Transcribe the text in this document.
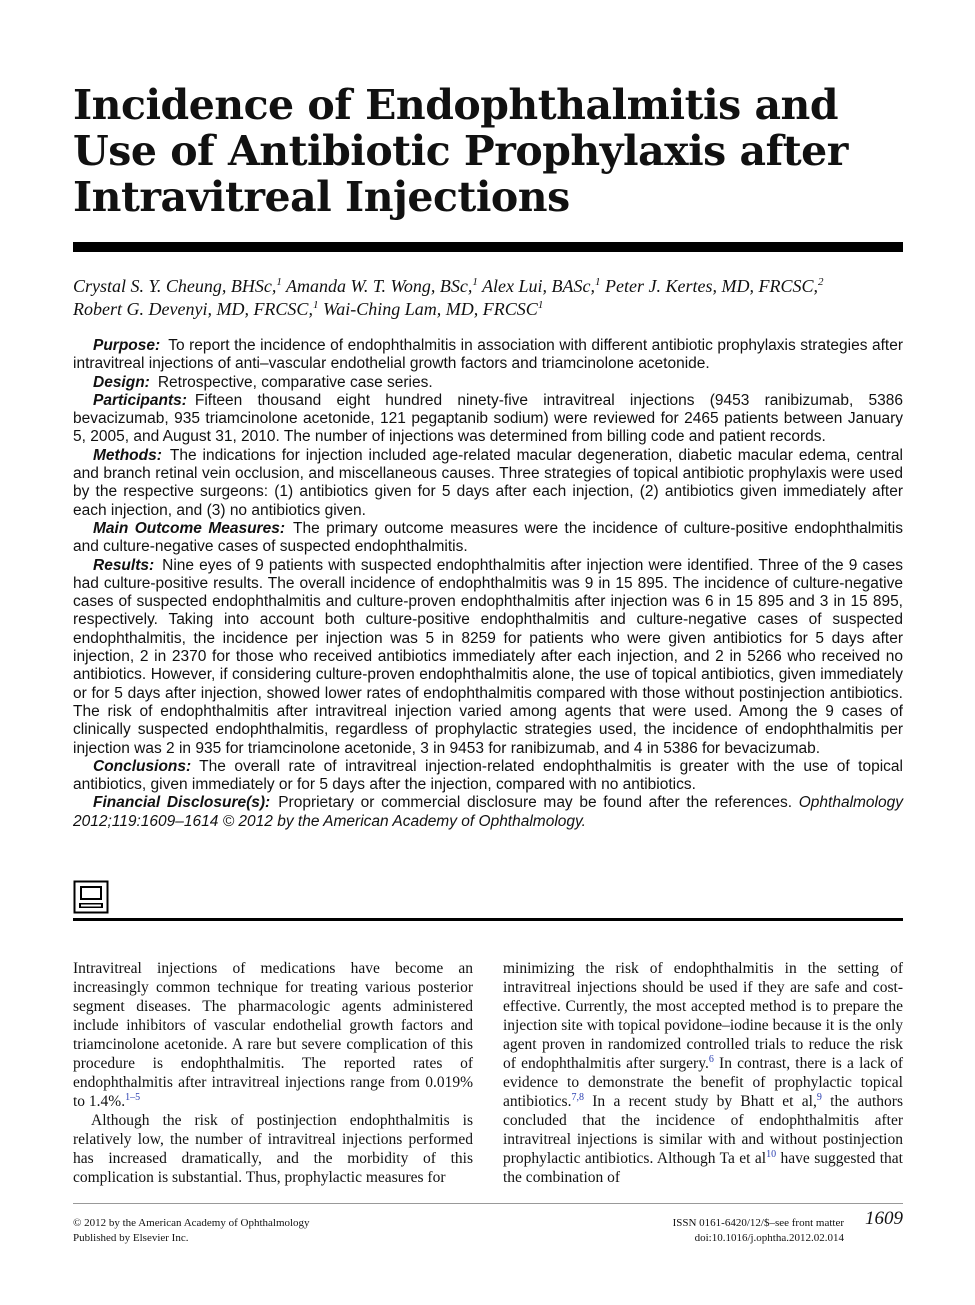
Incidence of Endophthalmitis and Use of Antibiotic Prophylaxis after Intravitreal Injections
Crystal S. Y. Cheung, BHSc,$^1$ Amanda W. T. Wong, BSc,$^1$ Alex Lui, BASc,$^1$ Peter J. Kertes, MD, FRCSC,$^2$
Robert G. Devenyi, MD, FRCSC,$^1$ Wai-Ching Lam, MD, FRCSC$^1$

Purpose: To report the incidence of endophthalmitis in association with different antibiotic prophylaxis strategies after intravitreal injections of anti–vascular endothelial growth factors and triamcinolone acetonide.

Design: Retrospective, comparative case series.

Participants: Fifteen thousand eight hundred ninety-five intravitreal injections (9453 ranibizumab, 5386 bevacizumab, 935 triamcinolone acetonide, 121 pegaptanib sodium) were reviewed for 2465 patients between January 5, 2005, and August 31, 2010. The number of injections was determined from billing code and patient records.

Methods: The indications for injection included age-related macular degeneration, diabetic macular edema, central and branch retinal vein occlusion, and miscellaneous causes. Three strategies of topical antibiotic prophylaxis were used by the respective surgeons: (1) antibiotics given for 5 days after each injection, (2) antibiotics given immediately after each injection, and (3) no antibiotics given.

Main Outcome Measures: The primary outcome measures were the incidence of culture-positive endophthalmitis and culture-negative cases of suspected endophthalmitis.

Results: Nine eyes of 9 patients with suspected endophthalmitis after injection were identified. Three of the 9 cases had culture-positive results. The overall incidence of endophthalmitis was 9 in 15 895. The incidence of culture-negative cases of suspected endophthalmitis and culture-proven endophthalmitis after injection was 6 in 15 895 and 3 in 15 895, respectively. Taking into account both culture-positive endophthalmitis and culture-negative cases of suspected endophthalmitis, the incidence per injection was 5 in 8259 for patients who were given antibiotics for 5 days after injection, 2 in 2370 for those who received antibiotics immediately after each injection, and 2 in 5266 who received no antibiotics. However, if considering culture-proven endophthalmitis alone, the use of topical antibiotics, given immediately or for 5 days after injection, showed lower rates of endophthalmitis compared with those without postinjection antibiotics. The risk of endophthalmitis after intravitreal injection varied among agents that were used. Among the 9 cases of clinically suspected endophthalmitis, regardless of prophylactic strategies used, the incidence of endophthalmitis per injection was 2 in 935 for triamcinolone acetonide, 3 in 9453 for ranibizumab, and 4 in 5386 for bevacizumab.

Conclusions: The overall rate of intravitreal injection-related endophthalmitis is greater with the use of topical antibiotics, given immediately or for 5 days after the injection, compared with no antibiotics.

Financial Disclosure(s): Proprietary or commercial disclosure may be found after the references. Ophthalmology 2012;119:1609–1614 © 2012 by the American Academy of Ophthalmology.

Intravitreal injections of medications have become an increasingly common technique for treating various posterior segment diseases. The pharmacologic agents administered include inhibitors of vascular endothelial growth factors and triamcinolone acetonide. A rare but severe complication of this procedure is endophthalmitis. The reported rates of endophthalmitis after intravitreal injections range from 0.019% to 1.4%.$^{1-5}$

Although the risk of postinjection endophthalmitis is relatively low, the number of intravitreal injections performed has increased dramatically, and the morbidity of this complication is substantial. Thus, prophylactic measures for

minimizing the risk of endophthalmitis in the setting of intravitreal injections should be used if they are safe and cost-effective. Currently, the most accepted method is to prepare the injection site with topical povidone–iodine because it is the only agent proven in randomized controlled trials to reduce the risk of endophthalmitis after surgery.$^6$ In contrast, there is a lack of evidence to demonstrate the benefit of prophylactic topical antibiotics.$^{7,8}$ In a recent study by Bhatt et al,$^9$ the authors concluded that the incidence of endophthalmitis after intravitreal injections is similar with and without postinjection prophylactic antibiotics. Although Ta et al$^{10}$ have suggested that the combination of

© 2012 by the American Academy of Ophthalmology
Published by Elsevier Inc.
ISSN 0161-6420/12/$–see front matter
doi:10.1016/j.ophtha.2012.02.014
1609
